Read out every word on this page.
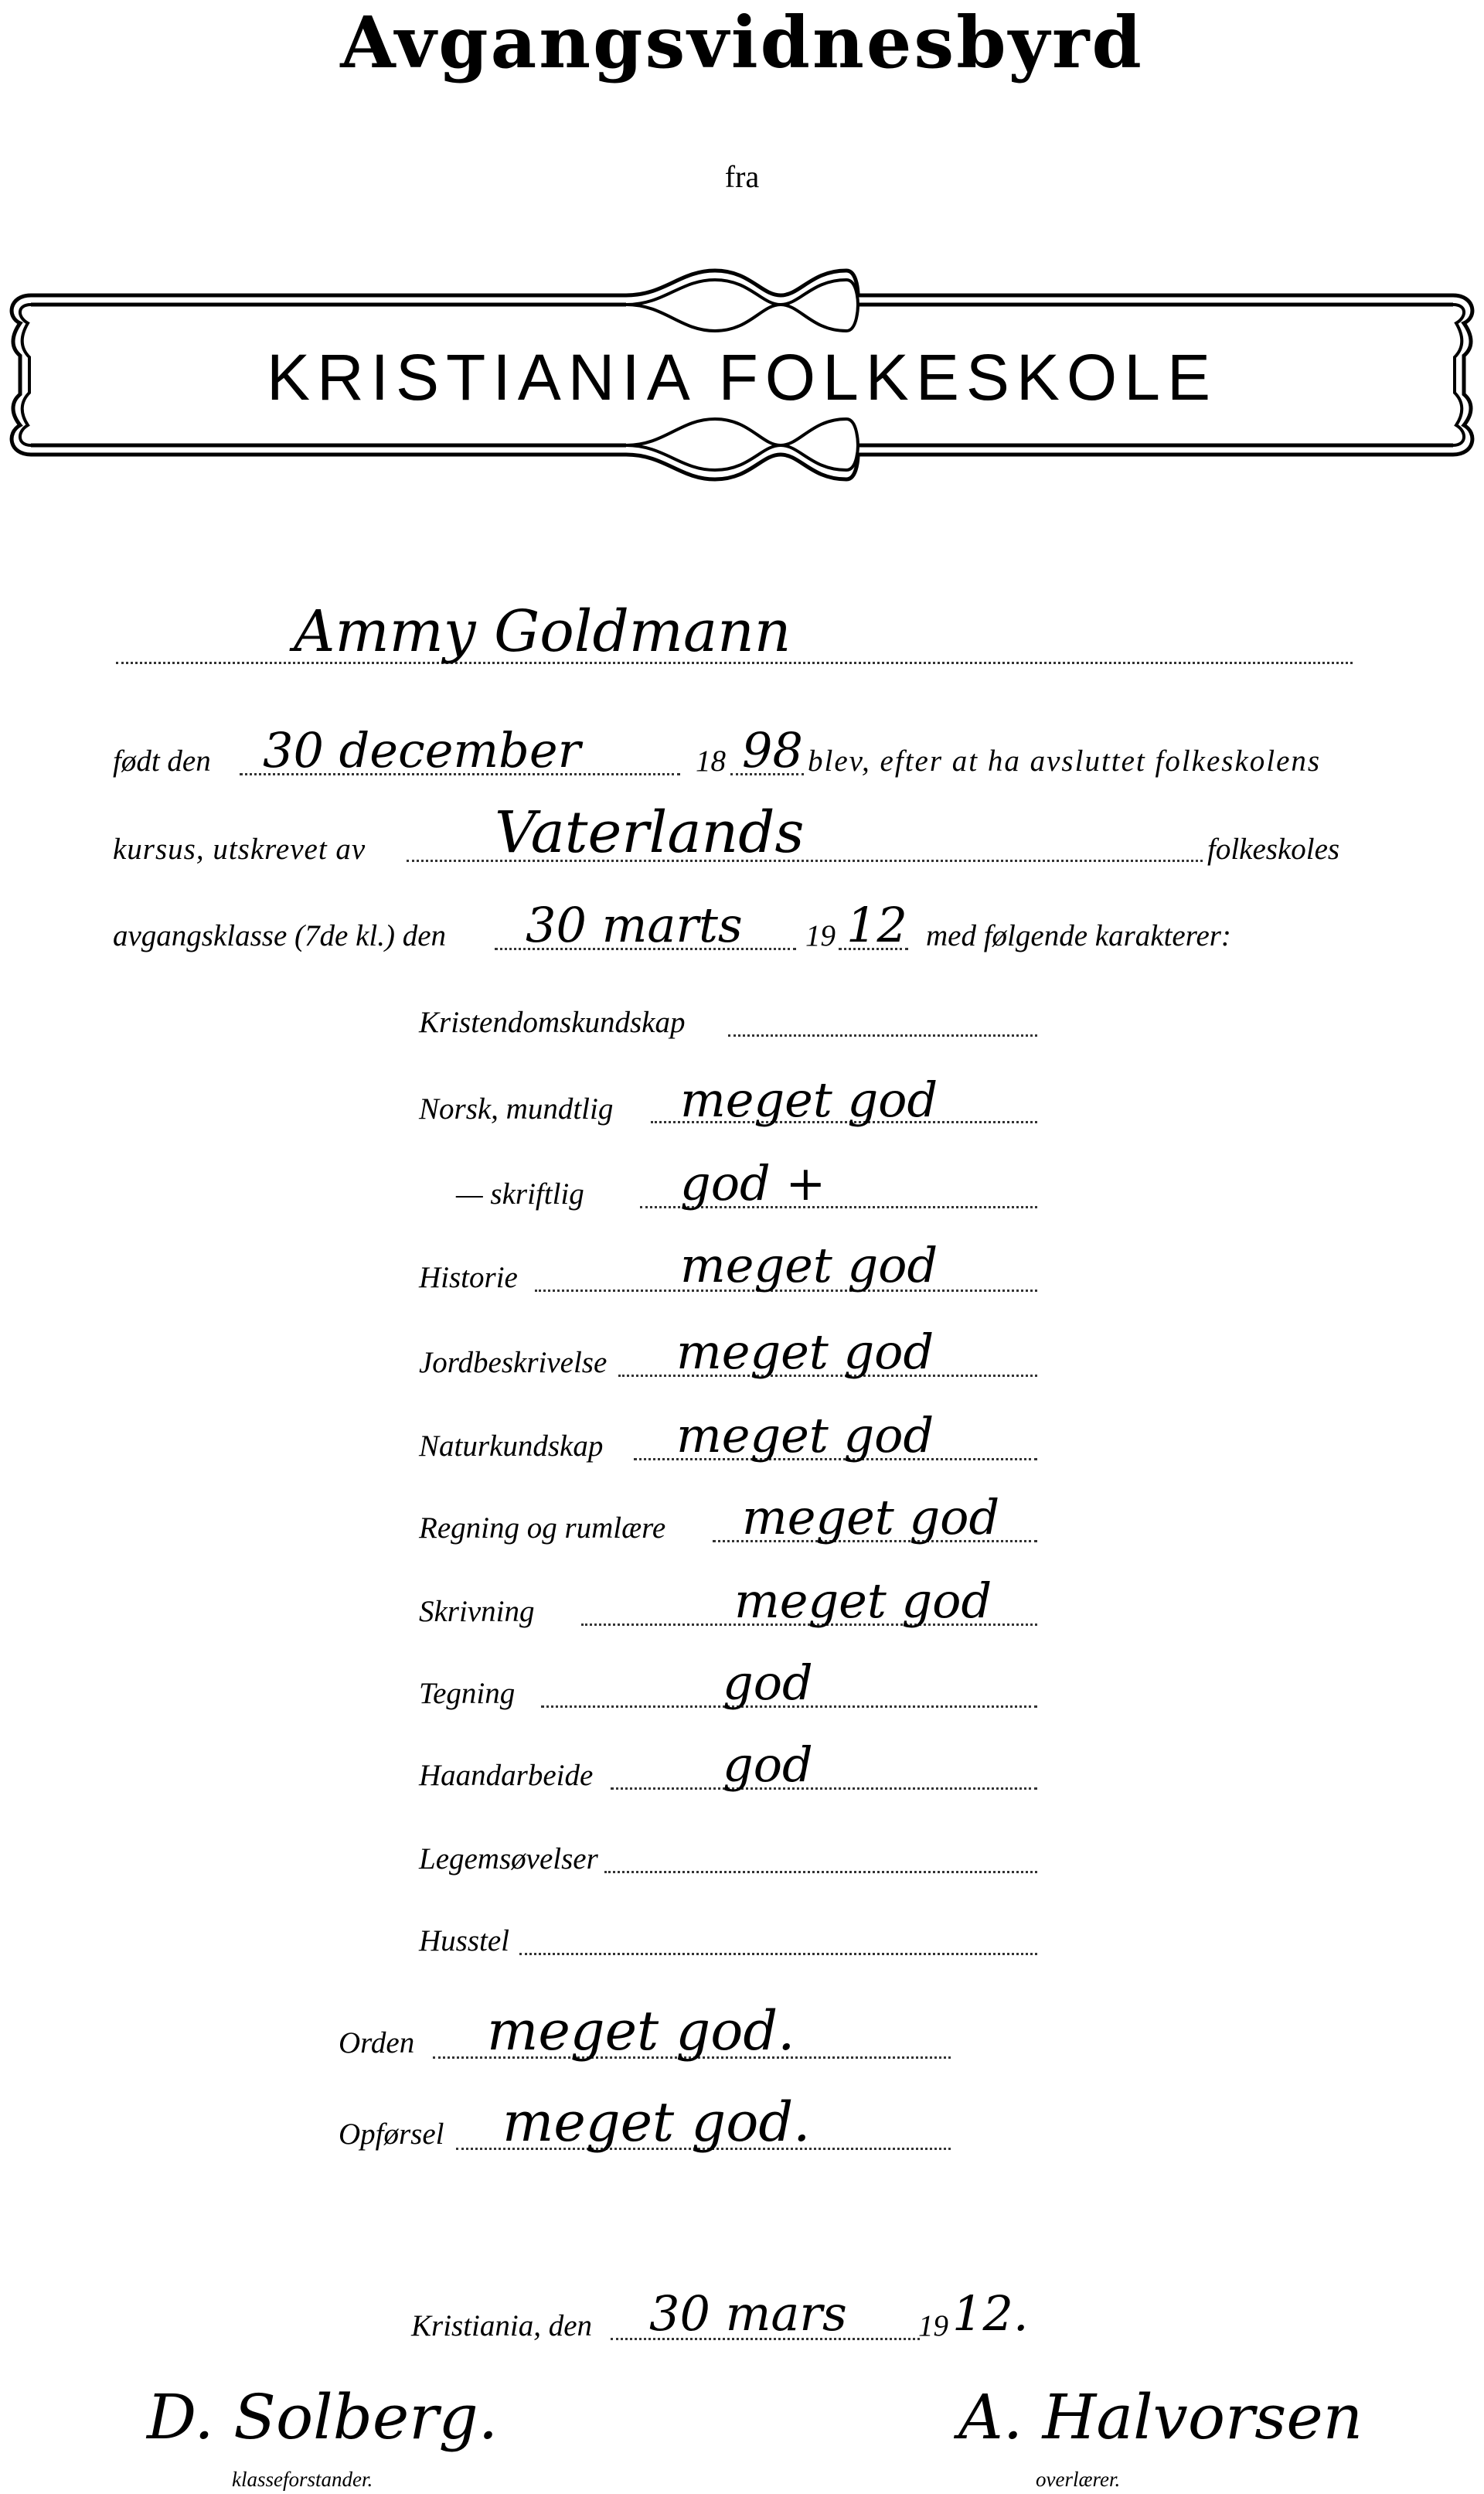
Avgangsvidnesbyrd
fra
KRISTIANIA FOLKESKOLE
Ammy Goldmann
født den 30 december	18 98 blev, efter at ha avsluttet folkeskolens
kursus, utskrevet av Vaterlands	folkeskoles
avgangsklasse (7de kl.) den 30 marts 19 12 med følgende karakterer:
Kristendomskundskap
Norsk, mundtlig meget god
— skriftlig god +
Historie	meget god
Jordbeskrivelse meget god
Naturkundskap meget god
Regning og rumlære meget god
Skrivning	meget god
Tegning	god
Haandarbeide	god
Legemsøvelser
Husstel
Orden meget god.
Opførsel meget god.
Kristiania, den 30 mars 19 12.
D. Solberg.
klasseforstander.
A. Halvorsen
overlærer.
